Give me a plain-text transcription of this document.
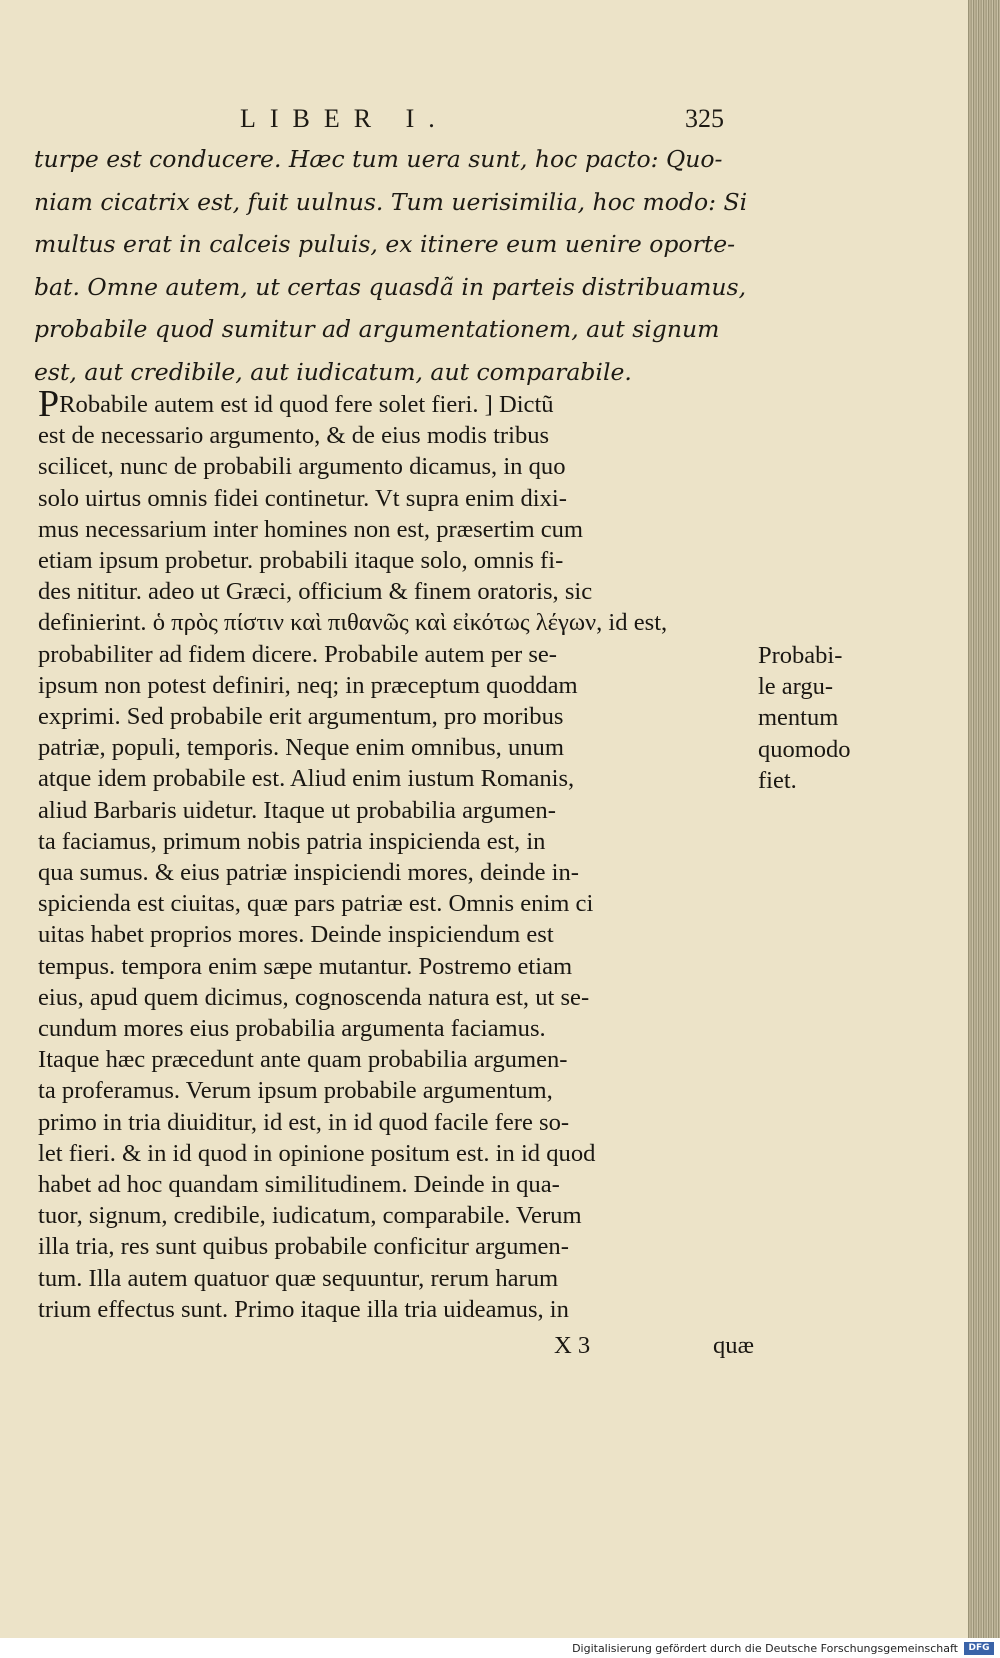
LIBER I.	325
turpe est conducere. Hæc tum uera sunt, hoc pacto: Quo-
niam cicatrix est, fuit uulnus. Tum uerisimilia, hoc modo: Si
multus erat in calceis puluis, ex itinere eum uenire oporte-
bat. Omne autem, ut certas quasdã in parteis distribuamus,
probabile quod sumitur ad argumentationem, aut signum
est, aut credibile, aut iudicatum, aut comparabile.
PRobabile autem est id quod fere solet fieri. ] Dictũ
est de necessario argumento, & de eius modis tribus
scilicet, nunc de probabili argumento dicamus, in quo
solo uirtus omnis fidei continetur. Vt supra enim dixi-
mus necessarium inter homines non est, præsertim cum
etiam ipsum probetur. probabili itaque solo, omnis fi-
des nititur. adeo ut Græci, officium & finem oratoris, sic
definierint. ὁ πρὸς πίστιν καὶ πιθανῶς καὶ εἰκότως λέγων, id est,
probabiliter ad fidem dicere. Probabile autem per se-
ipsum non potest definiri, neq; in præceptum quoddam
exprimi. Sed probabile erit argumentum, pro moribus
patriæ, populi, temporis. Neque enim omnibus, unum
atque idem probabile est. Aliud enim iustum Romanis,
aliud Barbaris uidetur. Itaque ut probabilia argumen-
ta faciamus, primum nobis patria inspicienda est, in
qua sumus. & eius patriæ inspiciendi mores, deinde in-
spicienda est ciuitas, quæ pars patriæ est. Omnis enim ci
uitas habet proprios mores. Deinde inspiciendum est
tempus. tempora enim sæpe mutantur. Postremo etiam
eius, apud quem dicimus, cognoscenda natura est, ut se-
cundum mores eius probabilia argumenta faciamus.
Itaque hæc præcedunt ante quam probabilia argumen-
ta proferamus. Verum ipsum probabile argumentum,
primo in tria diuiditur, id est, in id quod facile fere so-
let fieri. & in id quod in opinione positum est. in id quod
habet ad hoc quandam similitudinem. Deinde in qua-
tuor, signum, credibile, iudicatum, comparabile. Verum
illa tria, res sunt quibus probabile conficitur argumen-
tum. Illa autem quatuor quæ sequuntur, rerum harum
trium effectus sunt. Primo itaque illa tria uideamus, in
Probabi-
le argu-
mentum
quomodo
fiet.
X 3	quæ
Digitalisierung gefördert durch die Deutsche Forschungsgemeinschaft	DFG
